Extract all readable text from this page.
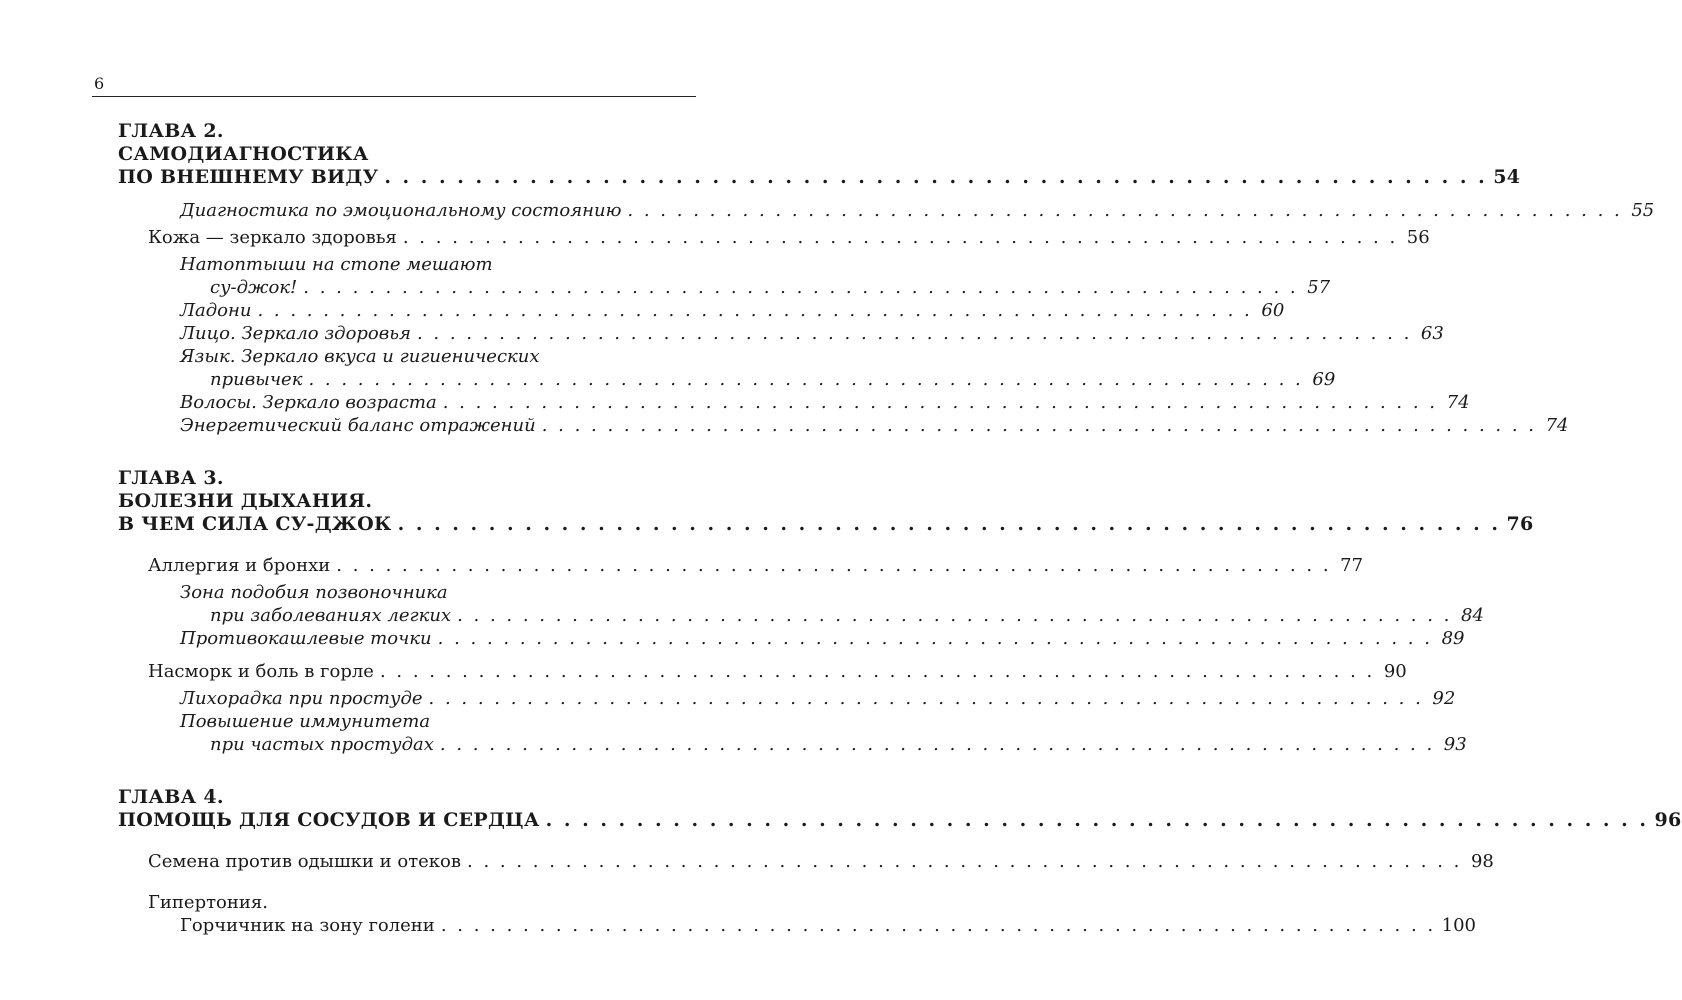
6
ГЛАВА 2.
САМОДИАГНОСТИКА
ПО ВНЕШНЕМУ ВИДУ . . . . . . . . . . . . . . . . . . . . . . . . . . . . . . . . . . . . . . . . . . . . . . . . . . . . . . . . . . . . . 54
Диагностика по эмоциональному состоянию . . . . . . . . . . . . . . . . . . . . . . . . . . . . . . . . . . . . . . . . . . . . . . . . . . . . . . . . . . . . . 55
Кожа — зеркало здоровья . . . . . . . . . . . . . . . . . . . . . . . . . . . . . . . . . . . . . . . . . . . . . . . . . . . . . . . . . . . . . 56
Натоптыши на стопе мешают
су-джок! . . . . . . . . . . . . . . . . . . . . . . . . . . . . . . . . . . . . . . . . . . . . . . . . . . . . . . . . . . . . . 57
Ладони . . . . . . . . . . . . . . . . . . . . . . . . . . . . . . . . . . . . . . . . . . . . . . . . . . . . . . . . . . . . . 60
Лицо. Зеркало здоровья . . . . . . . . . . . . . . . . . . . . . . . . . . . . . . . . . . . . . . . . . . . . . . . . . . . . . . . . . . . . . 63
Язык. Зеркало вкуса и гигиенических
привычек . . . . . . . . . . . . . . . . . . . . . . . . . . . . . . . . . . . . . . . . . . . . . . . . . . . . . . . . . . . . . 69
Волосы. Зеркало возраста . . . . . . . . . . . . . . . . . . . . . . . . . . . . . . . . . . . . . . . . . . . . . . . . . . . . . . . . . . . . . 74
Энергетический баланс отражений . . . . . . . . . . . . . . . . . . . . . . . . . . . . . . . . . . . . . . . . . . . . . . . . . . . . . . . . . . . . . 74
ГЛАВА 3.
БОЛЕЗНИ ДЫХАНИЯ.
В ЧЕМ СИЛА СУ-ДЖОК . . . . . . . . . . . . . . . . . . . . . . . . . . . . . . . . . . . . . . . . . . . . . . . . . . . . . . . . . . . . . 76
Аллергия и бронхи . . . . . . . . . . . . . . . . . . . . . . . . . . . . . . . . . . . . . . . . . . . . . . . . . . . . . . . . . . . . . 77
Зона подобия позвоночника
при заболеваниях легких . . . . . . . . . . . . . . . . . . . . . . . . . . . . . . . . . . . . . . . . . . . . . . . . . . . . . . . . . . . . . 84
Противокашлевые точки . . . . . . . . . . . . . . . . . . . . . . . . . . . . . . . . . . . . . . . . . . . . . . . . . . . . . . . . . . . . . 89
Насморк и боль в горле . . . . . . . . . . . . . . . . . . . . . . . . . . . . . . . . . . . . . . . . . . . . . . . . . . . . . . . . . . . . . 90
Лихорадка при простуде . . . . . . . . . . . . . . . . . . . . . . . . . . . . . . . . . . . . . . . . . . . . . . . . . . . . . . . . . . . . . 92
Повышение иммунитета
при частых простудах . . . . . . . . . . . . . . . . . . . . . . . . . . . . . . . . . . . . . . . . . . . . . . . . . . . . . . . . . . . . . 93
ГЛАВА 4.
ПОМОЩЬ ДЛЯ СОСУДОВ И СЕРДЦА . . . . . . . . . . . . . . . . . . . . . . . . . . . . . . . . . . . . . . . . . . . . . . . . . . . . . . . . . . . . . 96
Семена против одышки и отеков . . . . . . . . . . . . . . . . . . . . . . . . . . . . . . . . . . . . . . . . . . . . . . . . . . . . . . . . . . . . . 98
Гипертония.
Горчичник на зону голени . . . . . . . . . . . . . . . . . . . . . . . . . . . . . . . . . . . . . . . . . . . . . . . . . . . . . . . . . . . . . 100
